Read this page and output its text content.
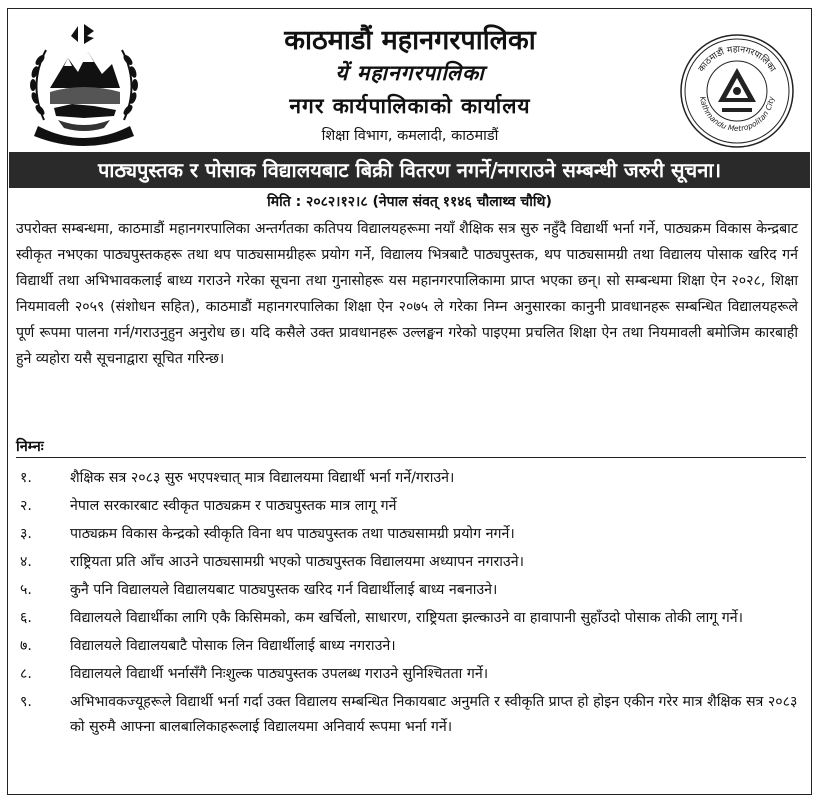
काठमाडौं महानगरपालिका
यें महानगरपालिका
नगर कार्यपालिकाको कार्यालय
शिक्षा विभाग, कमलादी, काठमाडौं
काठमाडौं महानगरपालिका
Kathmandu Metropolitan City
पाठ्यपुस्तक र पोसाक विद्यालयबाट बिक्री वितरण नगर्ने/नगराउने सम्बन्धी जरुरी सूचना।
मिति : २०८२।१२।८ (नेपाल संवत् ११४६ चौलाथ्व चौथि)
उपरोक्त सम्बन्धमा, काठमाडौं महानगरपालिका अन्तर्गतका कतिपय विद्यालयहरूमा नयाँ शैक्षिक सत्र सुरु नहुँदै विद्यार्थी भर्ना गर्ने, पाठ्यक्रम विकास केन्द्रबाट स्वीकृत नभएका पाठ्यपुस्तकहरू तथा थप पाठ्यसामग्रीहरू प्रयोग गर्ने, विद्यालय भित्रबाटै पाठ्यपुस्तक, थप पाठ्यसामग्री तथा विद्यालय पोसाक खरिद गर्न विद्यार्थी तथा अभिभावकलाई बाध्य गराउने गरेका सूचना तथा गुनासोहरू यस महानगरपालिकामा प्राप्त भएका छन्। सो सम्बन्धमा शिक्षा ऐन २०२८, शिक्षा नियमावली २०५९ (संशोधन सहित), काठमाडौं महानगरपालिका शिक्षा ऐन २०७५ ले गरेका निम्न अनुसारका कानुनी प्रावधानहरू सम्बन्धित विद्यालयहरूले पूर्ण रूपमा पालना गर्न/गराउनुहुन अनुरोध छ। यदि कसैले उक्त प्रावधानहरू उल्लङ्घन गरेको पाइएमा प्रचलित शिक्षा ऐन तथा नियमावली बमोजिम कारबाही हुने व्यहोरा यसै सूचनाद्वारा सूचित गरिन्छ।
निम्नः
१.	शैक्षिक सत्र २०८३ सुरु भएपश्चात् मात्र विद्यालयमा विद्यार्थी भर्ना गर्ने/गराउने।
२.	नेपाल सरकारबाट स्वीकृत पाठ्यक्रम र पाठ्यपुस्तक मात्र लागू गर्ने
३.	पाठ्यक्रम विकास केन्द्रको स्वीकृति विना थप पाठ्यपुस्तक तथा पाठ्यसामग्री प्रयोग नगर्ने।
४.	राष्ट्रियता प्रति आँच आउने पाठ्यसामग्री भएको पाठ्यपुस्तक विद्यालयमा अध्यापन नगराउने।
५.	कुनै पनि विद्यालयले विद्यालयबाट पाठ्यपुस्तक खरिद गर्न विद्यार्थीलाई बाध्य नबनाउने।
६.	विद्यालयले विद्यार्थीका लागि एकै किसिमको, कम खर्चिलो, साधारण, राष्ट्रियता झल्काउने वा हावापानी सुहाँउदो पोसाक तोकी लागू गर्ने।
७.	विद्यालयले विद्यालयबाटै पोसाक लिन विद्यार्थीलाई बाध्य नगराउने।
८.	विद्यालयले विद्यार्थी भर्नासँगै निःशुल्क पाठ्यपुस्तक उपलब्ध गराउने सुनिश्चितता गर्ने।
९.	अभिभावकज्यूहरूले विद्यार्थी भर्ना गर्दा उक्त विद्यालय सम्बन्धित निकायबाट अनुमति र स्वीकृति प्राप्त हो होइन एकीन गरेर मात्र शैक्षिक सत्र २०८३ को सुरुमै आफ्ना बालबालिकाहरूलाई विद्यालयमा अनिवार्य रूपमा भर्ना गर्ने।
